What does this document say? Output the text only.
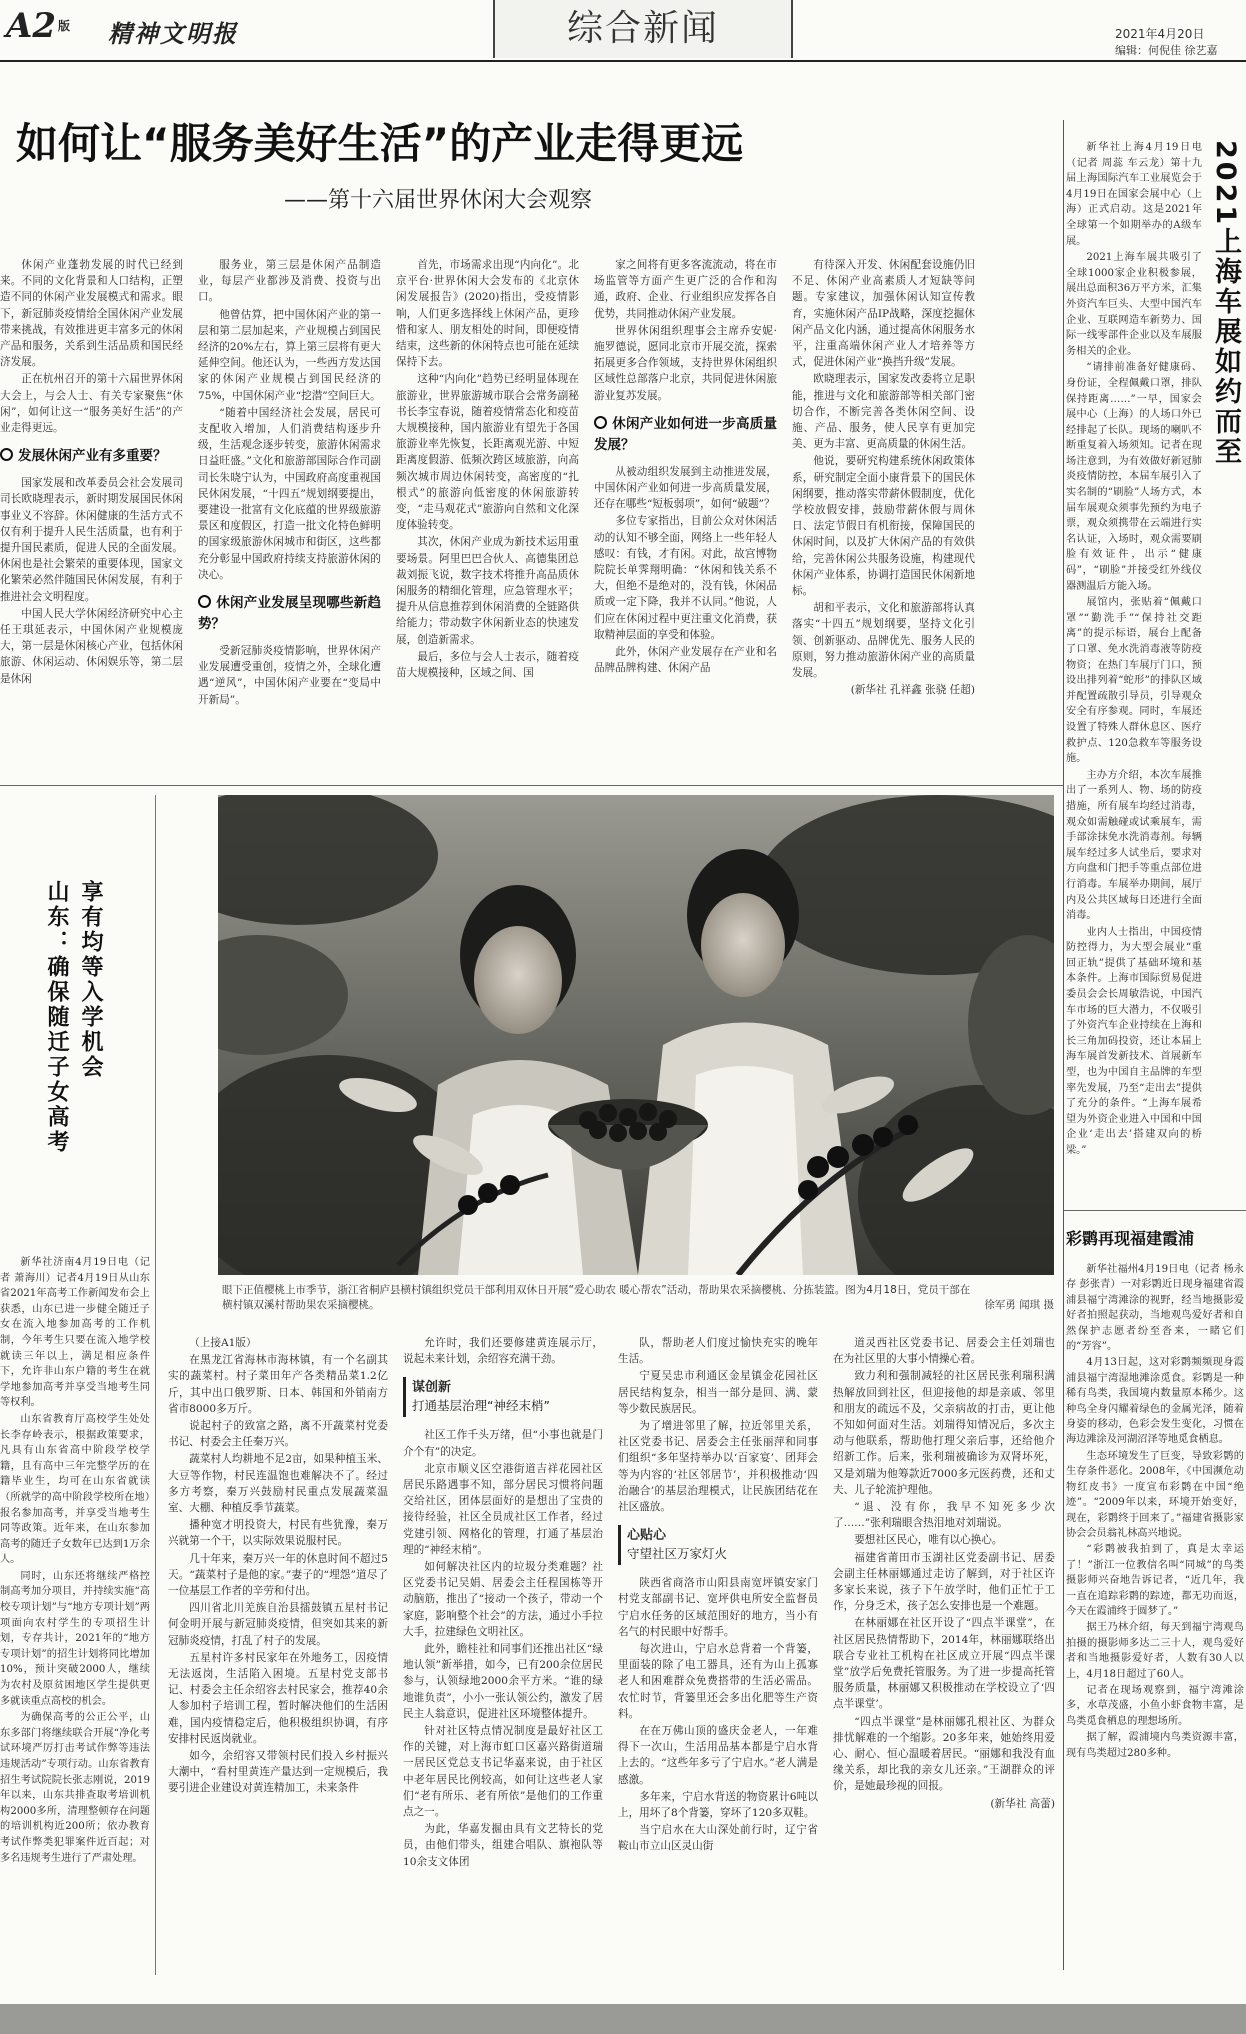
A2 版 精神文明报	综合新闻	2021年4月20日
编辑：何倪佳 徐艺嘉
如何让“服务美好生活”的产业走得更远
——第十六届世界休闲大会观察

休闲产业蓬勃发展的时代已经到来。不同的文化背景和人口结构，正塑造不同的休闲产业发展模式和需求。眼下，新冠肺炎疫情给全国休闲产业发展带来挑战，有效推进更丰富多元的休闲产品和服务，关系到生活品质和国民经济发展。

正在杭州召开的第十六届世界休闲大会上，与会人士、有关专家聚焦“休闲”，如何让这一“服务美好生活”的产业走得更远。

发展休闲产业有多重要？

国家发展和改革委员会社会发展司司长欧晓理表示，新时期发展国民休闲事业义不容辞。休闲健康的生活方式不仅有利于提升人民生活质量，也有利于提升国民素质，促进人民的全面发展。休闲也是社会繁荣的重要体现，国家文化繁荣必然伴随国民休闲发展，有利于推进社会文明程度。

中国人民大学休闲经济研究中心主任王琪延表示，中国休闲产业规模庞大，第一层是休闲核心产业，包括休闲旅游、休闲运动、休闲娱乐等，第二层是休闲

服务业，第三层是休闲产品制造业，每层产业都涉及消费、投资与出口。

他曾估算，把中国休闲产业的第一层和第二层加起来，产业规模占到国民经济的20%左右，算上第三层将有更大延伸空间。他还认为，一些西方发达国家的休闲产业规模占到国民经济的75%，中国休闲产业“挖潜”空间巨大。

“随着中国经济社会发展，居民可支配收入增加，人们消费结构逐步升级，生活观念逐步转变，旅游休闲需求日益旺盛。”文化和旅游部国际合作司副司长朱晓宁认为，中国政府高度重视国民休闲发展，“十四五”规划纲要提出，要建设一批富有文化底蕴的世界级旅游景区和度假区，打造一批文化特色鲜明的国家级旅游休闲城市和街区，这些都充分彰显中国政府持续支持旅游休闲的决心。

休闲产业发展呈现哪些新趋势？

受新冠肺炎疫情影响，世界休闲产业发展遭受重创，疫情之外，全球化遭遇“逆风”，中国休闲产业要在“变局中开新局”。

首先，市场需求出现“内向化”。北京平台·世界休闲大会发布的《北京休闲发展报告》(2020)指出，受疫情影响，人们更多选择线上休闲产品，更珍惜和家人、朋友相处的时间，即便疫情结束，这些新的休闲特点也可能在延续保持下去。

这种“内向化”趋势已经明显体现在旅游业，世界旅游城市联合会常务副秘书长李宝春说，随着疫情常态化和疫苗大规模接种，国内旅游业有望先于各国旅游业率先恢复，长距离观光游、中短距离度假游、低频次跨区域旅游，向高频次城市周边休闲转变，高密度的“扎根式”的旅游向低密度的休闲旅游转变，“走马观花式”旅游向自然和文化深度体验转变。

其次，休闲产业成为新技术运用重要场景。阿里巴巴合伙人、高德集团总裁刘振飞说，数字技术将推升高品质休闲服务的精细化管理，应急管理水平；提升从信息推荐到休闲消费的全链路供给能力；带动数字休闲新业态的快速发展，创造新需求。

最后，多位与会人士表示，随着疫苗大规模接种，区域之间、国

家之间将有更多客流流动，将在市场监管等方面产生更广泛的合作和沟通，政府、企业、行业组织应发挥各自优势，共同推动休闲产业发展。

世界休闲组织理事会主席乔安妮·施罗德说，愿同北京市开展交流，探索拓展更多合作领域，支持世界休闲组织区域性总部落户北京，共同促进休闲旅游业复苏发展。

休闲产业如何进一步高质量发展？

从被动组织发展到主动推进发展，中国休闲产业如何进一步高质量发展，还存在哪些“短板弱项”，如何“破题”？

多位专家指出，目前公众对休闲活动的认知不够全面，网络上一些年轻人感叹：有钱，才有闲。对此，故宫博物院院长单霁翔明确：“休闲和钱关系不大，但绝不是绝对的，没有钱，休闲品质或一定下降，我并不认同。”他说，人们应在休闲过程中更注重文化消费，获取精神层面的享受和体验。

此外，休闲产业发展存在产业和名品牌品牌构建、休闲产品

有待深入开发、休闲配套设施仍旧不足、休闲产业高素质人才短缺等问题。专家建议，加强休闲认知宣传教育，实施休闲产品IP战略，深度挖掘休闲产品文化内涵，通过提高休闲服务水平，注重高端休闲产业人才培养等方式，促进休闲产业“换挡升级”发展。

欧晓理表示，国家发改委将立足职能，推进与文化和旅游部等相关部门密切合作，不断完善各类休闲空间、设施、产品、服务，使人民享有更加完美、更为丰富、更高质量的休闲生活。

他说，要研究构建系统休闲政策体系，研究制定全面小康背景下的国民休闲纲要，推动落实带薪休假制度，优化学校放假安排，鼓励带薪休假与周休日、法定节假日有机衔接，保障国民的休闲时间，以及扩大休闲产品的有效供给，完善休闲公共服务设施，构建现代休闲产业体系，协调打造国民休闲新地标。

胡和平表示，文化和旅游部将认真落实“十四五”规划纲要，坚持文化引领、创新驱动、品牌优先、服务人民的原则，努力推动旅游休闲产业的高质量发展。

(新华社 孔祥鑫 张骁 任超)
2021上海车展如约而至

新华社上海4月19日电（记者 周蕊 车云龙）第十九届上海国际汽车工业展览会于4月19日在国家会展中心（上海）正式启动。这是2021年全球第一个如期举办的A级车展。

2021上海车展共吸引了全球1000家企业积极参展，展出总面积36万平方米，汇集外资汽车巨头、大型中国汽车企业、互联网造车新势力、国际一线零部件企业以及车展服务相关的企业。

“请排前准备好健康码、身份证，全程佩戴口罩，排队保持距离……”一早，国家会展中心（上海）的人场口外已经排起了长队。现场的喇叭不断重复着入场须知。记者在现场注意到，为有效做好新冠肺炎疫情防控，本届车展引入了实名制的“刷脸”人场方式，本届车展观众须事先预约为电子票，观众须携带在云端进行实名认证，入场时，观众需要刷脸有效证件，出示“健康码”，“刷脸”并接受红外线仪器测温后方能入场。

展馆内，张贴着“佩戴口罩”“勤洗手”“保持社交距离”的提示标语，展台上配备了口罩、免水洗消毒液等防疫物资；在热门车展厅门口，预设出排列着“蛇形”的排队区域并配置疏散引导员，引导观众安全有序参观。同时，车展还设置了特殊人群休息区、医疗救护点、120急救车等服务设施。

主办方介绍，本次车展推出了一系列人、物、场的防疫措施，所有展车均经过消毒，观众如需触碰或试乘展车，需手部涂抹免水洗消毒剂。每辆展车经过多人试坐后，要求对方向盘和门把手等重点部位进行消毒。车展举办期间，展厅内及公共区域每日还进行全面消毒。

业内人士指出，中国疫情防控得力，为大型会展业“重回正轨”提供了基础环境和基本条件。上海市国际贸易促进委员会会长周敏浩说，中国汽车市场的巨大潜力，不仅吸引了外资汽车企业持续在上海和长三角加码投资，还让本届上海车展首发新技术、首展新车型，也为中国自主品牌的车型率先发展，乃至“走出去”提供了充分的条件。“上海车展希望为外资企业进入中国和中国企业‘走出去’搭建双向的桥梁。”

彩鹮再现福建霞浦

新华社福州4月19日电（记者 杨永存 彭张青）一对彩鹮近日现身福建省霞浦县福宁湾滩涂的视野，经当地摄影爱好者拍照起获动，当地观鸟爱好者和自然保护志愿者纷至沓来，一睹它们的“芳容”。

4月13日起，这对彩鹮频频现身霞浦县福宁湾湿地滩涂觅食。彩鹮是一种稀有鸟类，我国境内数量原本稀少。这种鸟全身闪耀着绿色的金属光泽，随着身姿的移动，色彩会发生变化，习惯在海边滩涂及河湖沼泽等地觅食栖息。

生态环境发生了巨变，导致彩鹮的生存条件恶化。2008年，《中国濒危动物红皮书》一度宣布彩鹮在中国“绝迹”。“2009年以来，环境开始变好，现在，彩鹮终于回来了。”福建省摄影家协会会员翁礼林高兴地说。

“彩鹮被我拍到了，真是太幸运了！”浙江一位教信名叫“同城”的鸟类摄影师兴奋地告诉记者，“近几年，我一直在追踪彩鹮的踪迹，都无功而返，今天在霞浦终于圆梦了。”

据王乃林介绍，每天到福宁湾观鸟拍摄的摄影师多达二三十人，观鸟爱好者和当地摄影爱好者，人数有30人以上，4月18日超过了60人。

记者在现场观察到，福宁湾滩涂多，水草茂盛，小鱼小虾食物丰富，是鸟类觅食栖息的理想场所。

据了解，霞浦境内鸟类资源丰富，现有鸟类超过280多种。

享有均等入学机会
山东：确保随迁子女高考

新华社济南4月19日电（记者 萧海川）记者4月19日从山东省2021年高考工作新闻发布会上获悉，山东已进一步健全随迁子女在流入地参加高考的工作机制，今年考生只要在流入地学校就读三年以上，满足相应条件下，允许非山东户籍的考生在就学地参加高考并享受当地考生同等权利。

山东省教育厅高校学生处处长李存岭表示，根据政策要求，凡具有山东省高中阶段学校学籍，且有高中三年完整学历的在籍毕业生，均可在山东省就读（所就学的高中阶段学校所在地）报名参加高考，并享受当地考生同等政策。近年来，在山东参加高考的随迁子女数年已达到1万余人。

同时，山东还将继续严格控制高考加分项目，并持续实施“高校专项计划”与“地方专项计划”两项面向农村学生的专项招生计划，专存共计，2021年的“地方专项计划”的招生计划将同比增加10%，预计突破2000人，继续为农村及原贫困地区学生提供更多就读重点高校的机会。

为确保高考的公正公平，山东多部门将继续联合开展“净化考试环境严厉打击考试作弊等违法违规活动”专项行动。山东省教育招生考试院院长张志刚说，2019年以来，山东共排查取考培训机构2000多所，清理整顿存在问题的培训机构近200所；依办教育考试作弊类犯罪案件近百起；对多名违规考生进行了严肃处理。

眼下正值樱桃上市季节，浙江省桐庐县横村镇组织党员干部利用双休日开展“爱心助农 暖心帮农”活动，帮助果农采摘樱桃、分拣装篮。图为4月18日，党员干部在横村镇双溪村帮助果农采摘樱桃。	徐军勇 闻琪 摄

（上接A1版）

在黑龙江省海林市海林镇，有一个名副其实的蔬菜村。村子菜田年产各类精品菜1.2亿斤，其中出口俄罗斯、日本、韩国和外销南方省市8000多万斤。

说起村子的致富之路，离不开蔬菜村党委书记、村委会主任秦万兴。

蔬菜村人均耕地不足2亩，如果种植玉米、大豆等作物，村民连温饱也难解决不了。经过多方考察，秦万兴鼓励村民重点发展蔬菜温室、大棚、种植反季节蔬菜。

播种宽才明投资大，村民有些犹豫，秦万兴就第一个干，以实际效果说服村民。

几十年来，秦万兴一年的休息时间不超过5天。“蔬菜村子是他的家。”妻子的“埋怨”道尽了一位基层工作者的辛劳和付出。

四川省北川羌族自治县擂鼓镇五星村书记何金明开展与新冠肺炎疫情，但突如其来的新冠肺炎疫情，打乱了村子的发展。

五星村许多村民家年在外地务工，因疫情无法返岗，生活陷入困境。五星村党支部书记、村委会主任余绍容去村民家会，推荐40余人参加村子培训工程，暂时解决他们的生活困难，国内疫情稳定后，他积极组织协调，有序安排村民返岗就业。

如今，余绍容又带领村民们投入乡村振兴大潮中，“看村里黄连产量达到一定规模后，我要引进企业建设对黄连精加工，未来条件

允许时，我们还要修建黄连展示厅，说起未来计划，余绍容充满干劲。

谋创新
打通基层治理“神经末梢”

社区工作千头万绪，但“小事也就是门介个有”的决定。

北京市顺义区空港街道吉祥花园社区居民乐路遇事不知，部分居民习惯将问题交给社区，团体层面好的是想出了宝贵的接待经验，社区全员成社区工作者，经过党建引领、网格化的管理，打通了基层治理的“神经末梢”。

如何解决社区内的垃圾分类难题？社区党委书记吴娟、居委会主任程国栋等开动脑筋，推出了“接动一个孩子，带动一个家庭，影响整个社会”的方法，通过小手拉大手，拉建绿色文明社区。

此外，瞻桂社和同事们还推出社区“绿地认领”新举措，如今，已有200余位居民参与，认领绿地2000余平方米。“谁的绿地谁负责”，小小一张认领公约，激发了居民主人翁意识，促进社区环境整体提升。

针对社区特点情况制度是最好社区工作的关键，对上海市虹口区嘉兴路街道瑞一居民区党总支书记华嘉来说，由于社区中老年居民比例较高，如何让这些老人家们“老有所乐、老有所依”是他们的工作重点之一。

为此，华嘉发掘由具有文艺特长的党员，由他们带头，组建合唱队、旗袍队等10余支文体团

队，帮助老人们度过愉快充实的晚年生活。

宁夏吴忠市利通区金星镇金花园社区居民结构复杂，相当一部分是回、满、蒙等少数民族居民。

为了增进邻里了解，拉近邻里关系，社区党委书记、居委会主任张丽萍和同事们组织“多年坚持举办以‘百家宴’、团拜会等为内容的‘社区邻居节’，并积极推动‘四治融合’的基层治理模式，让民族团结花在社区盛放。

心贴心
守望社区万家灯火

陕西省商洛市山阳县南宽坪镇安家门村党支部副书记、宽坪供电所安全监督员宁启水任务的区域范围好的地方，当小有名气的村民眼中好帮手。

每次进山，宁启水总背着一个背篓，里面装的除了电工器具，还有为山上孤寡老人和困难群众免费搭带的生活必需品。农忙时节，背篓里还会多出化肥等生产资料。

在在万佛山顶的盛庆金老人，一年难得下一次山，生活用品基本都是宁启水背上去的。“这些年多亏了宁启水。”老人满是感激。

多年来，宁启水背送的物资累计6吨以上，用坏了8个背篓，穿坏了120多双鞋。

当宁启水在大山深处前行时，辽宁省鞍山市立山区灵山街

道灵西社区党委书记、居委会主任刘瑞也在为社区里的大事小情操心着。

致力利和强制减轻的社区居民张利瑞积满热解放回到社区，但迎接他的却是亲戚、邻里和朋友的疏远不及，父亲病故的打击，更让他不知如何面对生活。刘瑞得知情况后，多次主动与他联系，帮助他打理父亲后事，还给他介绍新工作。后来，张利瑞被确诊为双肾坏死，又是刘瑞为他筹款近7000多元医药费，还和丈夫、儿子轮流护理他。

“退、没有你，我早不知死多少次了……”张利瑞眼含热泪地对刘瑞说。

要想社区民心，唯有以心换心。

福建省莆田市玉湖社区党委副书记、居委会副主任林丽娜通过走访了解到，对于社区许多家长来说，孩子下午放学时，他们正忙于工作，分身乏术，孩子怎么安排也是一个难题。

在林丽娜在社区开设了“四点半课堂”，在社区居民热情帮助下，2014年，林丽娜联络出联合专业社工机构在社区成立开展“四点半课堂”放学后免费托管服务。为了进一步提高托管服务质量，林丽娜又积极推动在学校设立了‘四点半课堂’。

“四点半课堂”是林丽娜孔根社区、为群众排忧解难的一个缩影。20多年来，她始终用爱心、耐心、恒心温暖着居民。“丽娜和我没有血缘关系，却比我的亲女儿还亲。”王湖群众的评价，是她最珍视的回报。

(新华社 高蕾)
